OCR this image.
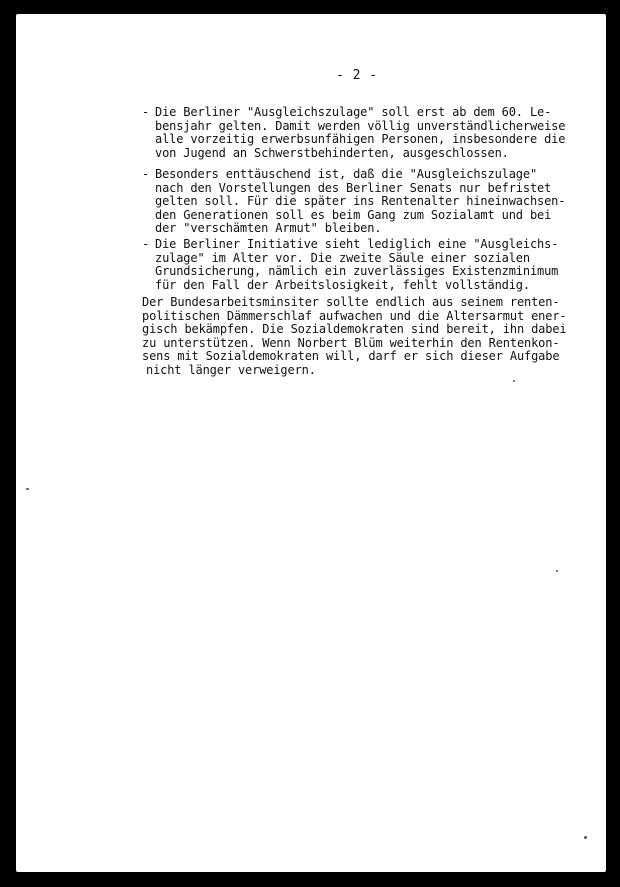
- 2 -
- Die Berliner "Ausgleichszulage" soll erst ab dem 60. Le-
bensjahr gelten. Damit werden völlig unverständlicherweise
alle vorzeitig erwerbsunfähigen Personen, insbesondere die
von Jugend an Schwerstbehinderten, ausgeschlossen.
- Besonders enttäuschend ist, daß die "Ausgleichszulage"
nach den Vorstellungen des Berliner Senats nur befristet
gelten soll. Für die später ins Rentenalter hineinwachsen-
den Generationen soll es beim Gang zum Sozialamt und bei
der "verschämten Armut" bleiben.
- Die Berliner Initiative sieht lediglich eine "Ausgleichs-
zulage" im Alter vor. Die zweite Säule einer sozialen
Grundsicherung, nämlich ein zuverlässiges Existenzminimum
für den Fall der Arbeitslosigkeit, fehlt vollständig.
Der Bundesarbeitsminsiter sollte endlich aus seinem renten-
politischen Dämmerschlaf aufwachen und die Altersarmut ener-
gisch bekämpfen. Die Sozialdemokraten sind bereit, ihn dabei
zu unterstützen. Wenn Norbert Blüm weiterhin den Rentenkon-
sens mit Sozialdemokraten will, darf er sich dieser Aufgabe
nicht länger verweigern.
